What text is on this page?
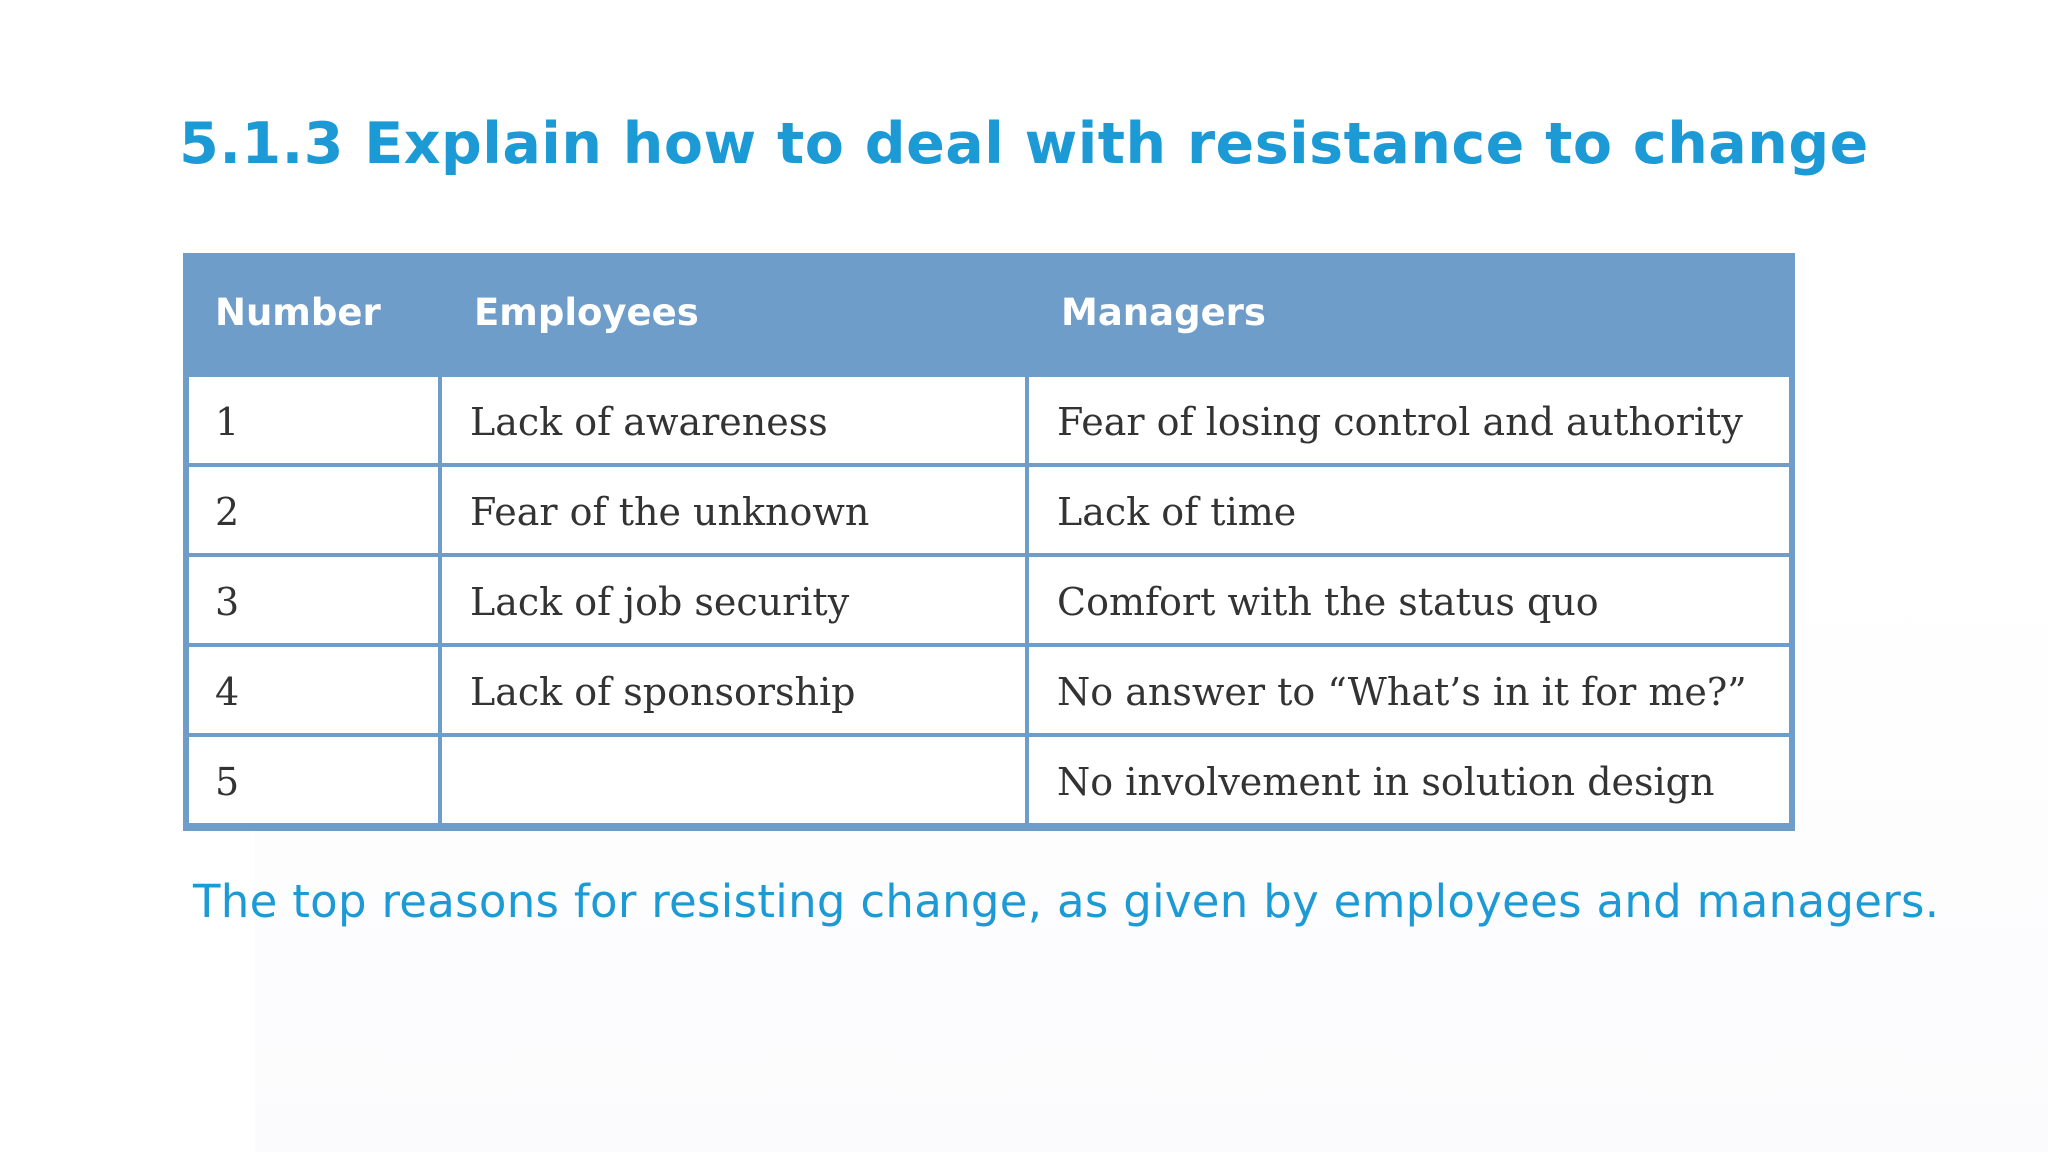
5.1.3 Explain how to deal with resistance to change
Number	Employees	Managers
1	Lack of awareness	Fear of losing control and authority
2	Fear of the unknown	Lack of time
3	Lack of job security	Comfort with the status quo
4	Lack of sponsorship	No answer to “What’s in it for me?”
5		No involvement in solution design
The top reasons for resisting change, as given by employees and managers.
